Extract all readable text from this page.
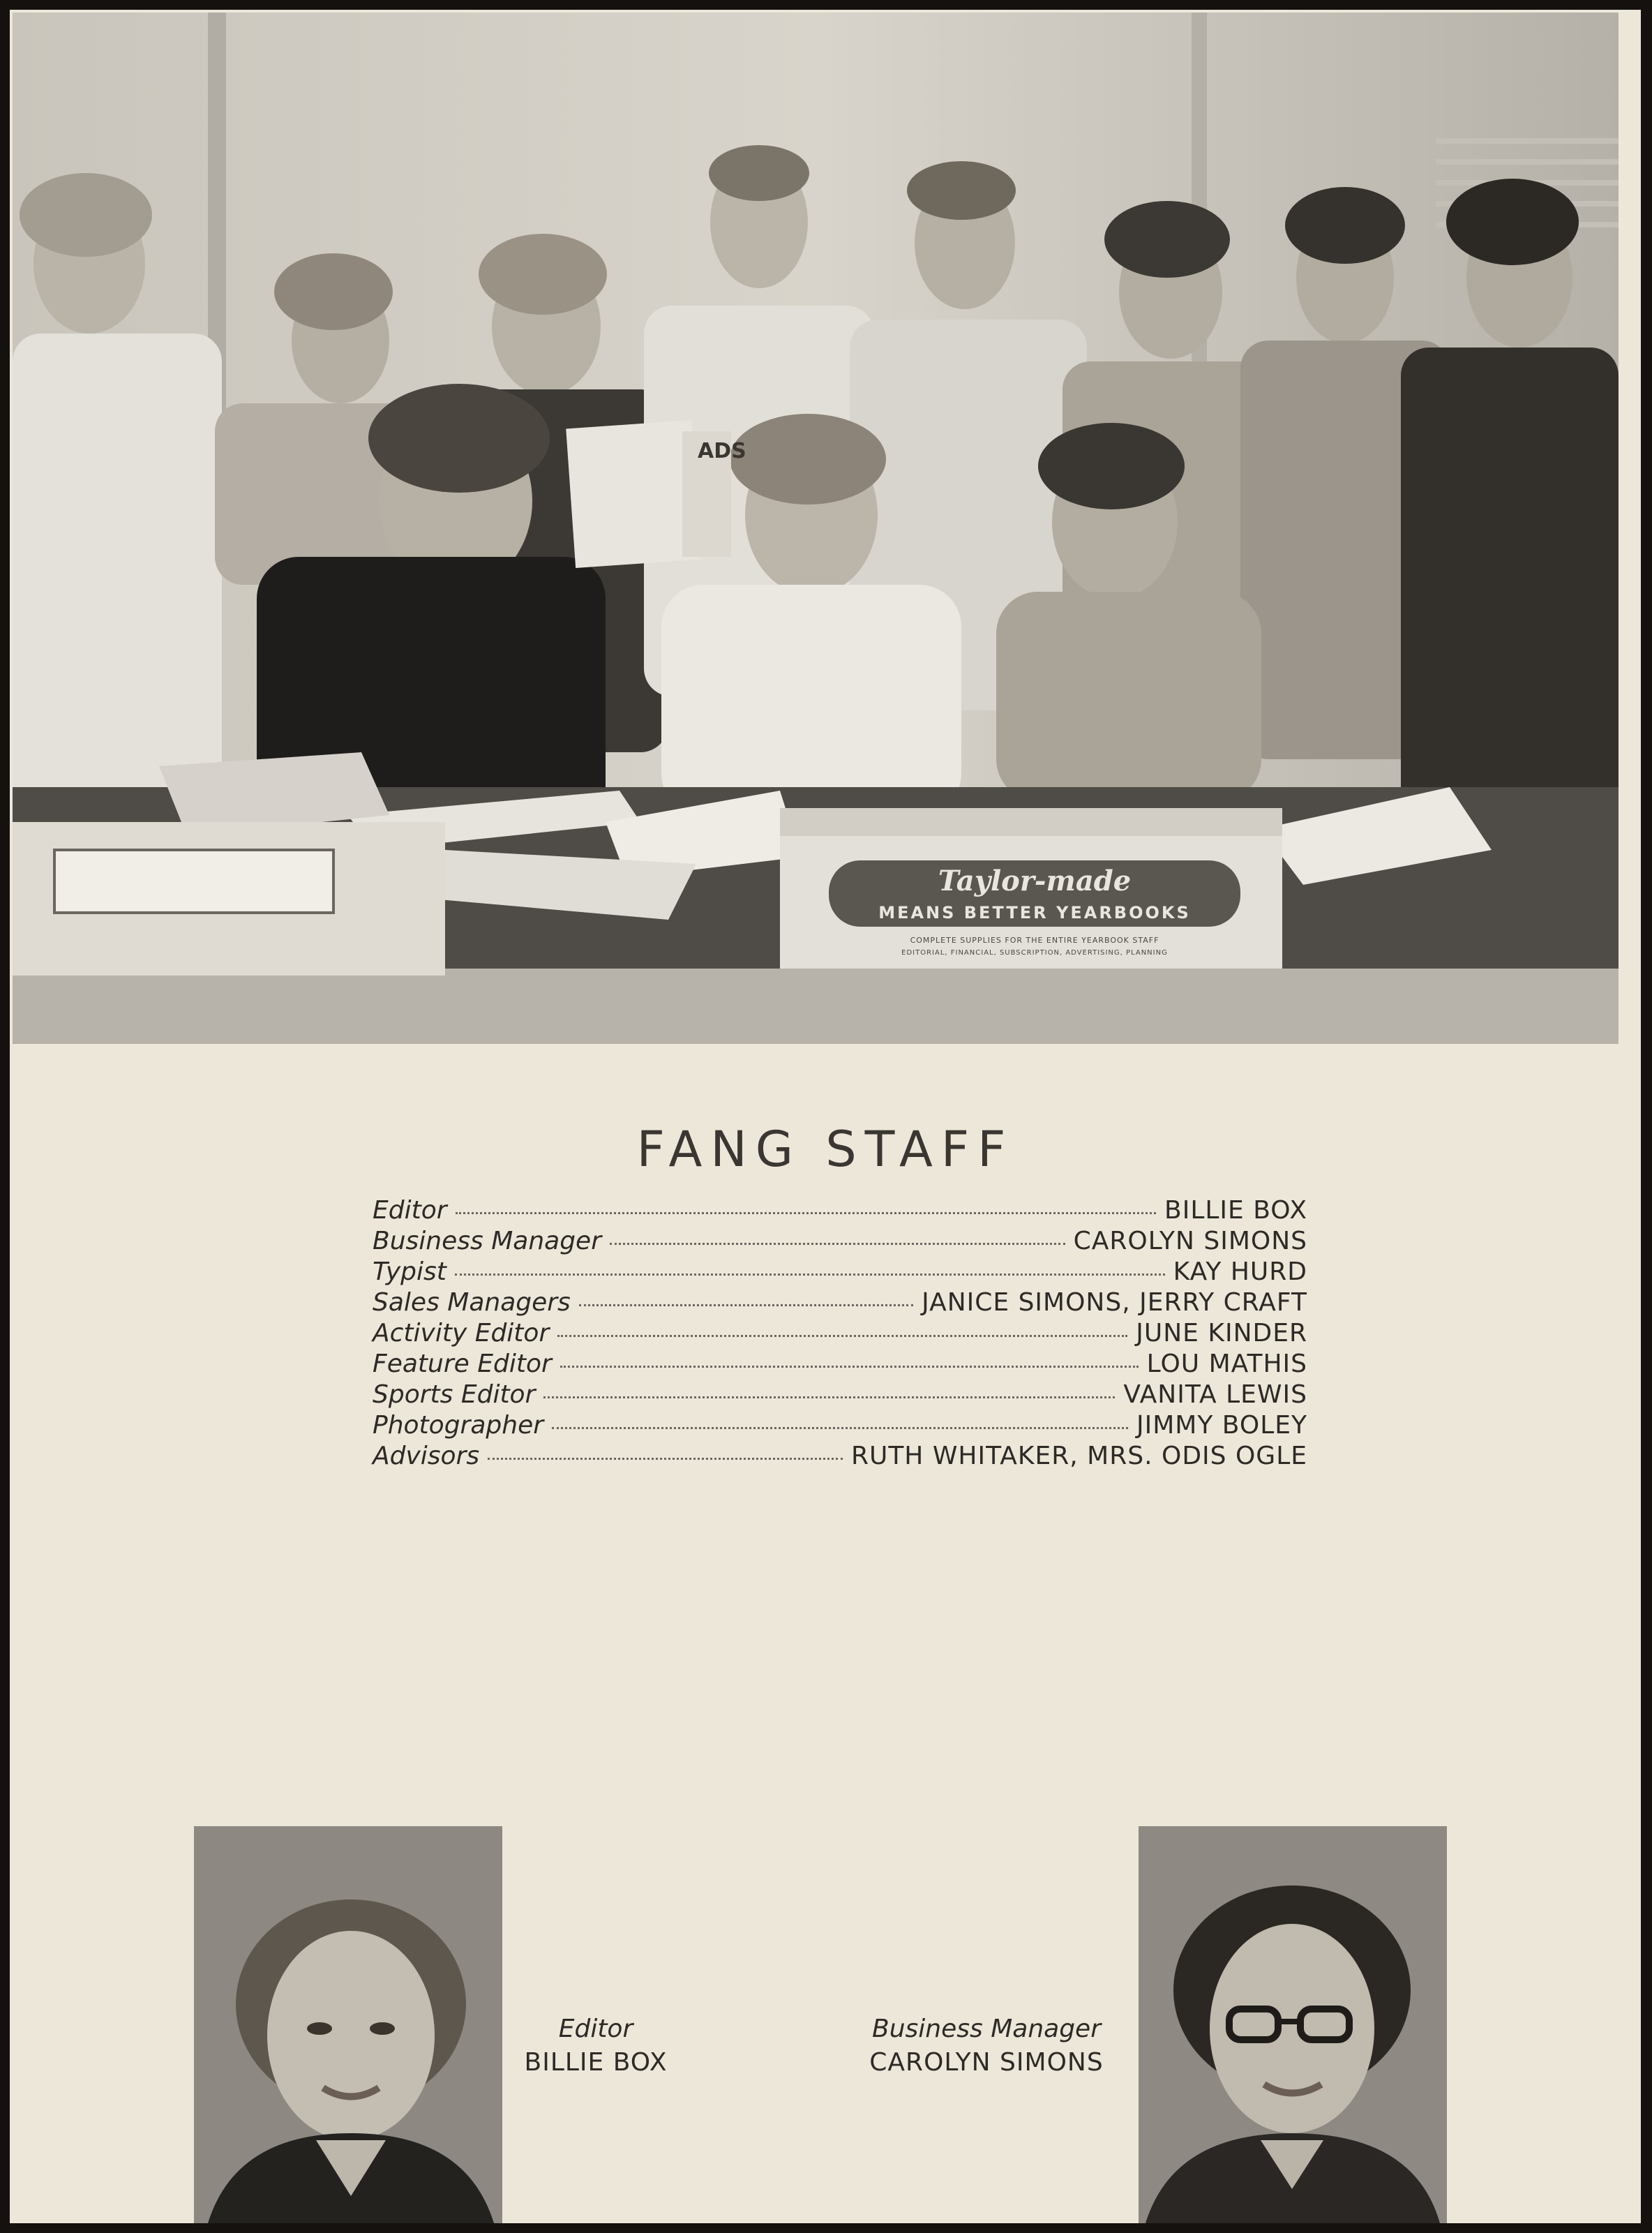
Taylor-made
MEANS BETTER YEARBOOKS
COMPLETE SUPPLIES FOR THE ENTIRE YEARBOOK STAFF
EDITORIAL, FINANCIAL, SUBSCRIPTION, ADVERTISING, PLANNING
ADS
FANG STAFF
Editor	BILLIE BOX
Business Manager	CAROLYN SIMONS
Typist	KAY HURD
Sales Managers	JANICE SIMONS, JERRY CRAFT
Activity Editor	JUNE KINDER
Feature Editor	LOU MATHIS
Sports Editor	VANITA LEWIS
Photographer	JIMMY BOLEY
Advisors	RUTH WHITAKER, MRS. ODIS OGLE
Editor
BILLIE BOX
Business Manager
CAROLYN SIMONS
